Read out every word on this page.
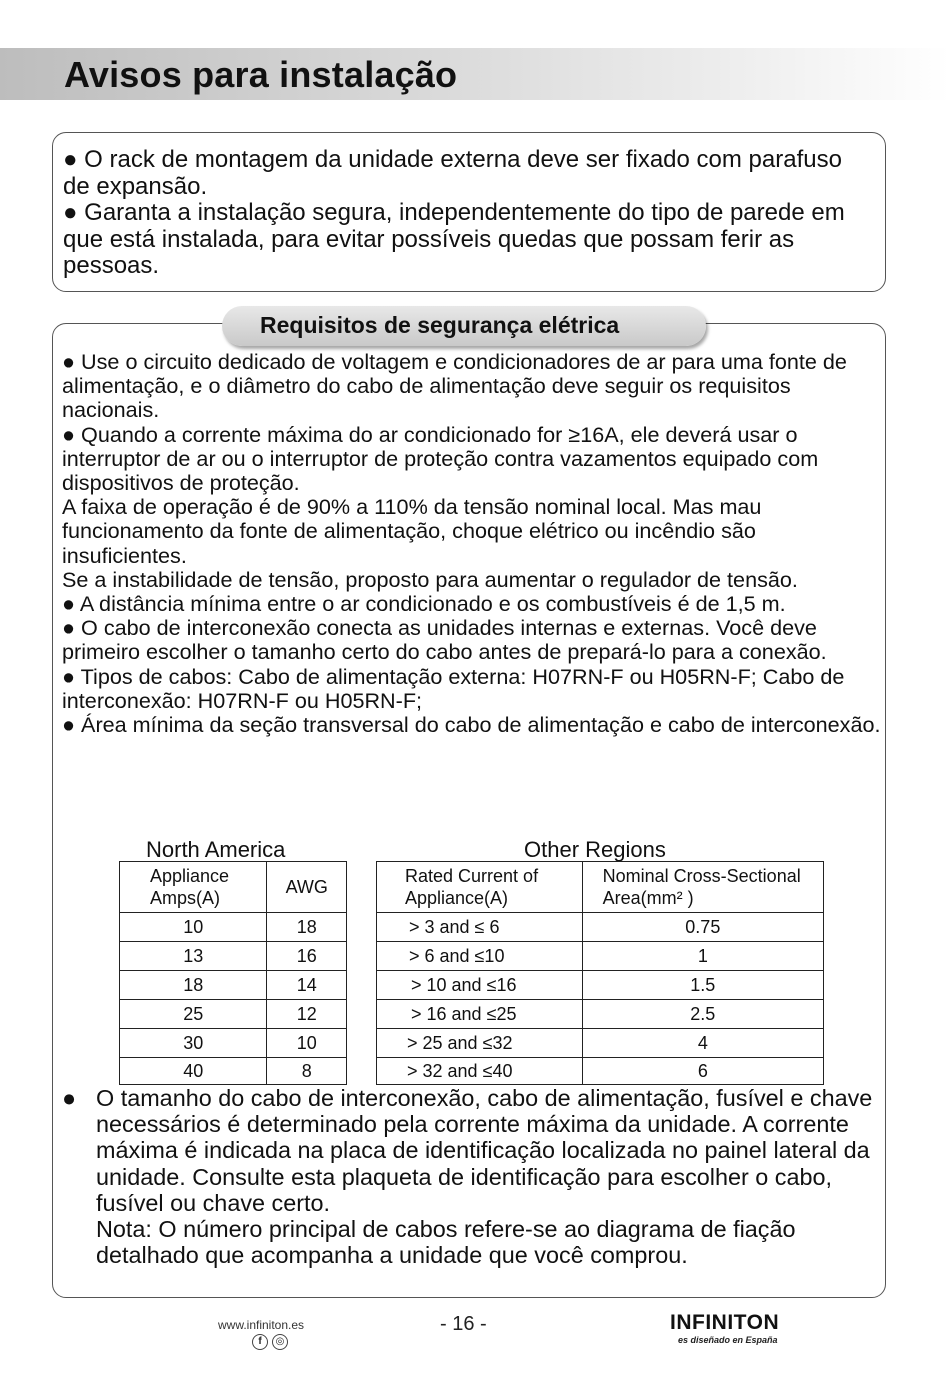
Avisos para instalação
● O rack de montagem da unidade externa deve ser fixado com parafuso de expansão.
● Garanta a instalação segura, independentemente do tipo de parede em que está instalada, para evitar possíveis quedas que possam ferir as pessoas.
Requisitos de segurança elétrica
● Use o circuito dedicado de voltagem e condicionadores de ar para uma fonte de alimentação, e o diâmetro do cabo de alimentação deve seguir os requisitos nacionais.
● Quando a corrente máxima do ar condicionado for ≥16A, ele deverá usar o interruptor de ar ou o interruptor de proteção contra vazamentos equipado com dispositivos de proteção.
A faixa de operação é de 90% a 110% da tensão nominal local. Mas mau funcionamento da fonte de alimentação, choque elétrico ou incêndio são insuficientes.
Se a instabilidade de tensão, proposto para aumentar o regulador de tensão.
● A distância mínima entre o ar condicionado e os combustíveis é de 1,5 m.
● O cabo de interconexão conecta as unidades internas e externas. Você deve primeiro escolher o tamanho certo do cabo antes de prepará-lo para a conexão.
● Tipos de cabos: Cabo de alimentação externa: H07RN-F ou H05RN-F; Cabo de interconexão: H07RN-F ou H05RN-F;
● Área mínima da seção transversal do cabo de alimentação e cabo de interconexão.
North America	Other Regions
Appliance Amps(A)	AWG
10	18
13	16
18	14
25	12
30	10
40	8
Rated Current of Appliance(A)	Nominal Cross-Sectional Area(mm² )
> 3 and ≤ 6	0.75
> 6 and ≤10	1
> 10 and ≤16	1.5
> 16 and ≤25	2.5
> 25 and ≤32	4
> 32 and ≤40	6
● O tamanho do cabo de interconexão, cabo de alimentação, fusível e chave necessários é determinado pela corrente máxima da unidade. A corrente máxima é indicada na placa de identificação localizada no painel lateral da unidade. Consulte esta plaqueta de identificação para escolher o cabo, fusível ou chave certo.
Nota: O número principal de cabos refere-se ao diagrama de fiação detalhado que acompanha a unidade que você comprou.
www.infiniton.es
f	◎
- 16 -	INFINITON
es diseñado en España
